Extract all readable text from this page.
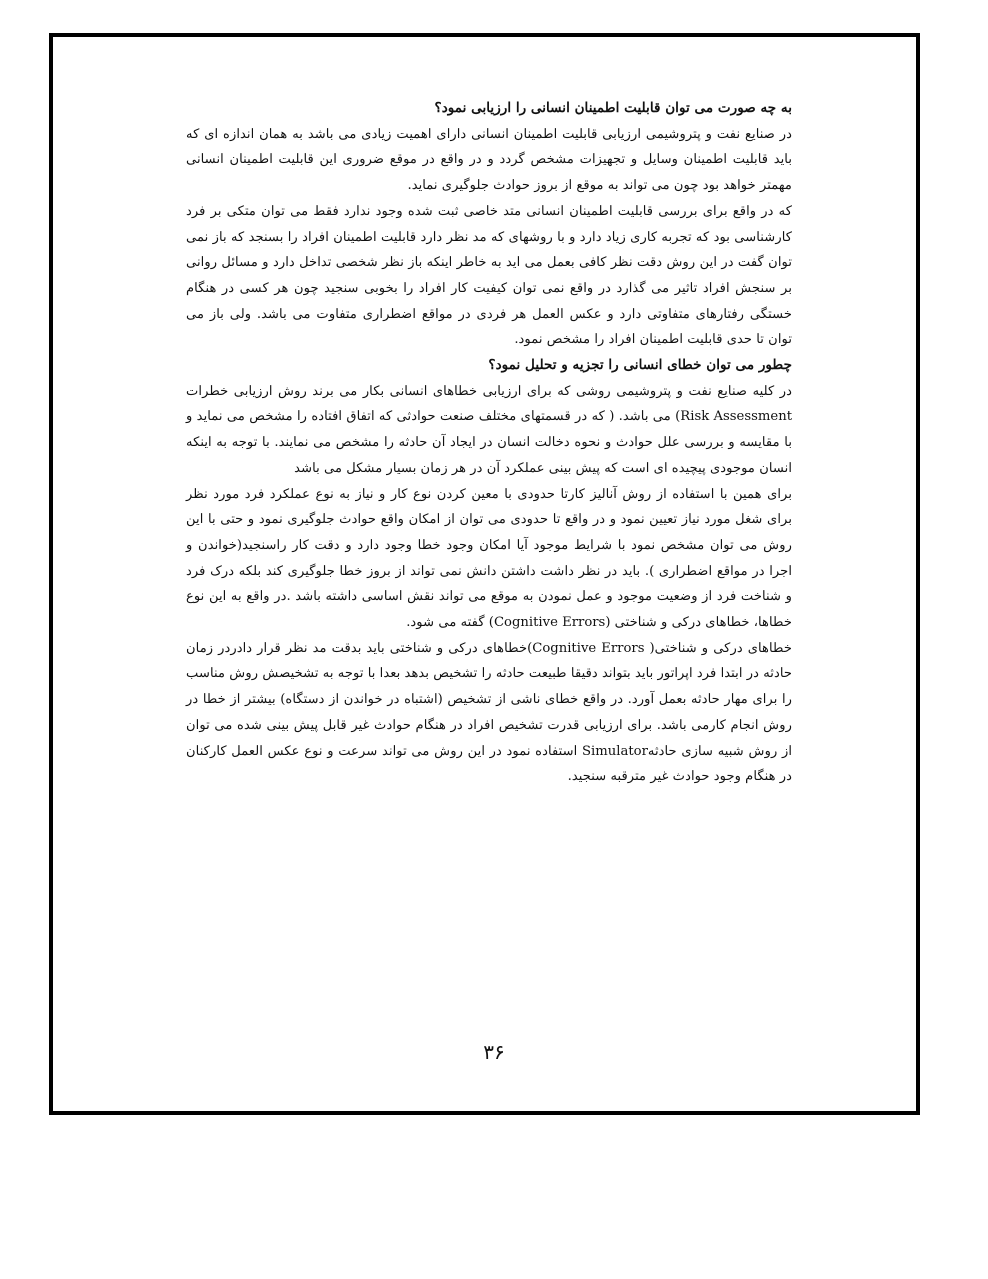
به چه صورت می توان قابلیت اطمینان انسانی را ارزیابی نمود؟

در صنایع نفت و پتروشیمی ارزیابی قابلیت اطمینان انسانی دارای اهمیت زیادی می باشد به همان اندازه ای که باید قابلیت اطمینان وسایل و تجهیزات مشخص گردد و در واقع در موقع ضروری این قابلیت اطمینان انسانی مهمتر خواهد بود چون می تواند به موقع از بروز حوادث جلوگیری نماید.

که در واقع برای بررسی قابلیت اطمینان انسانی متد خاصی ثبت شده وجود ندارد فقط می توان متکی بر فرد کارشناسی بود که تجربه کاری زیاد دارد و با روشهای که مد نظر دارد قابلیت اطمینان افراد را بسنجد که باز نمی توان گفت در این روش دقت نظر کافی بعمل می اید به خاطر اینکه باز نظر شخصی تداخل دارد و مسائل روانی بر سنجش افراد تاثیر می گذارد در واقع نمی توان کیفیت کار افراد را بخوبی سنجید چون هر کسی در هنگام خستگی رفتارهای متفاوتی دارد و عکس العمل هر فردی در مواقع اضطراری متفاوت می باشد. ولی باز می توان تا حدی قابلیت اطمینان افراد را مشخص نمود.

چطور می توان خطای انسانی را تجزیه و تحلیل نمود؟

در کلیه صنایع نفت و پتروشیمی روشی که برای ارزیابی خطاهای انسانی بکار می برند روش ارزیابی خطرات Risk Assessment) می باشد. ( که در قسمتهای مختلف صنعت حوادثی که اتفاق افتاده را مشخص می نماید و با مقایسه و بررسی علل حوادث و نحوه دخالت انسان در ایجاد آن حادثه را مشخص می نمایند. با توجه به اینکه انسان موجودی پیچیده ای است که پیش بینی عملکرد آن در هر زمان بسیار مشکل می باشد

برای همین با استفاده از روش آنالیز کارتا حدودی با معین کردن نوع کار و نیاز به نوع عملکرد فرد مورد نظر برای شغل مورد نیاز تعیین نمود و در واقع تا حدودی می توان از امکان واقع حوادث جلوگیری نمود و حتی با این روش می توان مشخص نمود با شرایط موجود آیا امکان وجود خطا وجود دارد و دقت کار راسنجید(خواندن و اجرا در مواقع اضطراری ). باید در نظر داشت داشتن دانش نمی تواند از بروز خطا جلوگیری کند بلکه درک فرد و شناخت فرد از وضعیت موجود و عمل نمودن به موقع می تواند نقش اساسی داشته باشد .در واقع به این نوع خطاها، خطاهای درکی و شناختی (Cognitive Errors) گفته می شود.

خطاهای درکی و شناختی( Cognitive Errors)خطاهای درکی و شناختی باید بدقت مد نظر قرار دادردر زمان حادثه در ابتدا فرد اپراتور باید بتواند دقیقا طبیعت حادثه را تشخیص بدهد بعدا با توجه به تشخیصش روش مناسب را برای مهار حادثه بعمل آورد. در واقع خطای ناشی از تشخیص (اشتباه در خواندن از دستگاه) بیشتر از خطا در روش انجام کارمی باشد. برای ارزیابی قدرت تشخیص افراد در هنگام حوادث غیر قابل پیش بینی شده می توان از روش شبیه سازی حادثهSimulator استفاده نمود در این روش می تواند سرعت و نوع عکس العمل کارکنان در هنگام وجود حوادث غیر مترقبه سنجید.

۳۶
